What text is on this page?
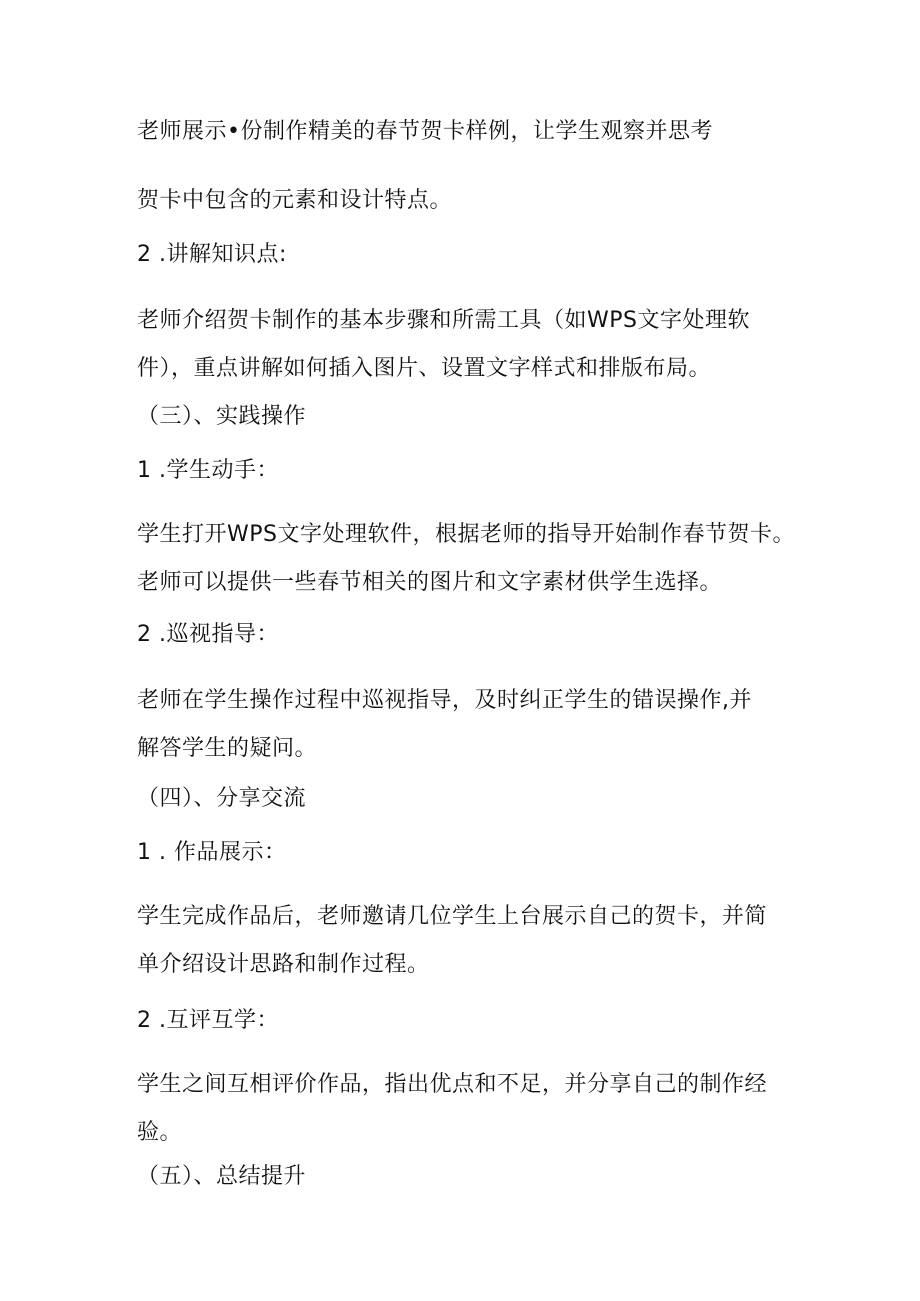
老师展示•份制作精美的春节贺卡样例，让学生观察并思考
贺卡中包含的元素和设计特点。
2 .讲解知识点:
老师介绍贺卡制作的基本步骤和所需工具（如WPS文字处理软
件），重点讲解如何插入图片、设置文字样式和排版布局。
（三）、实践操作
1 .学生动手：
学生打开WPS文字处理软件，根据老师的指导开始制作春节贺卡。
老师可以提供一些春节相关的图片和文字素材供学生选择。
2 .巡视指导：
老师在学生操作过程中巡视指导，及时纠正学生的错误操作,并
解答学生的疑问。
（四）、分享交流
1 . 作品展示：
学生完成作品后，老师邀请几位学生上台展示自己的贺卡，并简
单介绍设计思路和制作过程。
2 .互评互学：
学生之间互相评价作品，指出优点和不足，并分享自己的制作经
验。
（五）、总结提升
